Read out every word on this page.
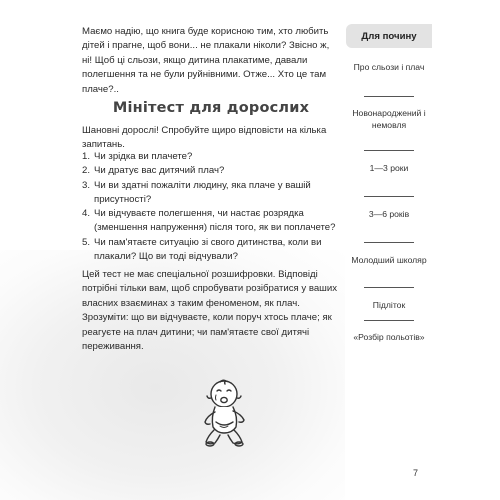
Маємо надію, що книга буде корисною тим, хто любить дітей і прагне, щоб вони... не плакали ніколи? Звісно ж, ні! Щоб ці сльози, якщо дитина плакатиме, давали полегшення та не були руйнівними. Отже... Хто це там плаче?..

Мінітест для дорослих

Шановні дорослі! Спробуйте щиро відповісти на кілька запитань.

1. Чи зрідка ви плачете?
2. Чи дратує вас дитячий плач?
3. Чи ви здатні пожаліти людину, яка плаче у вашій присутності?
4. Чи відчуваєте полегшення, чи настає розрядка (зменшення напруження) після того, як ви поплачете?
5. Чи пам'ятаєте ситуацію зі свого дитинства, коли ви плакали? Що ви тоді відчували?

Цей тест не має спеціальної розшифровки. Відповіді потрібні тільки вам, щоб спробувати розібратися у ваших власних взаєминах з таким феноменом, як плач. Зрозуміти: що ви відчуваєте, коли поруч хтось плаче; як реагуєте на плач дитини; чи пам'ятаєте свої дитячі переживання.

Для почину
Про сльози і плач
Новонароджений і немовля
1—3 роки
3—6 років
Молодший школяр
Підліток
«Розбір польотів»
7
